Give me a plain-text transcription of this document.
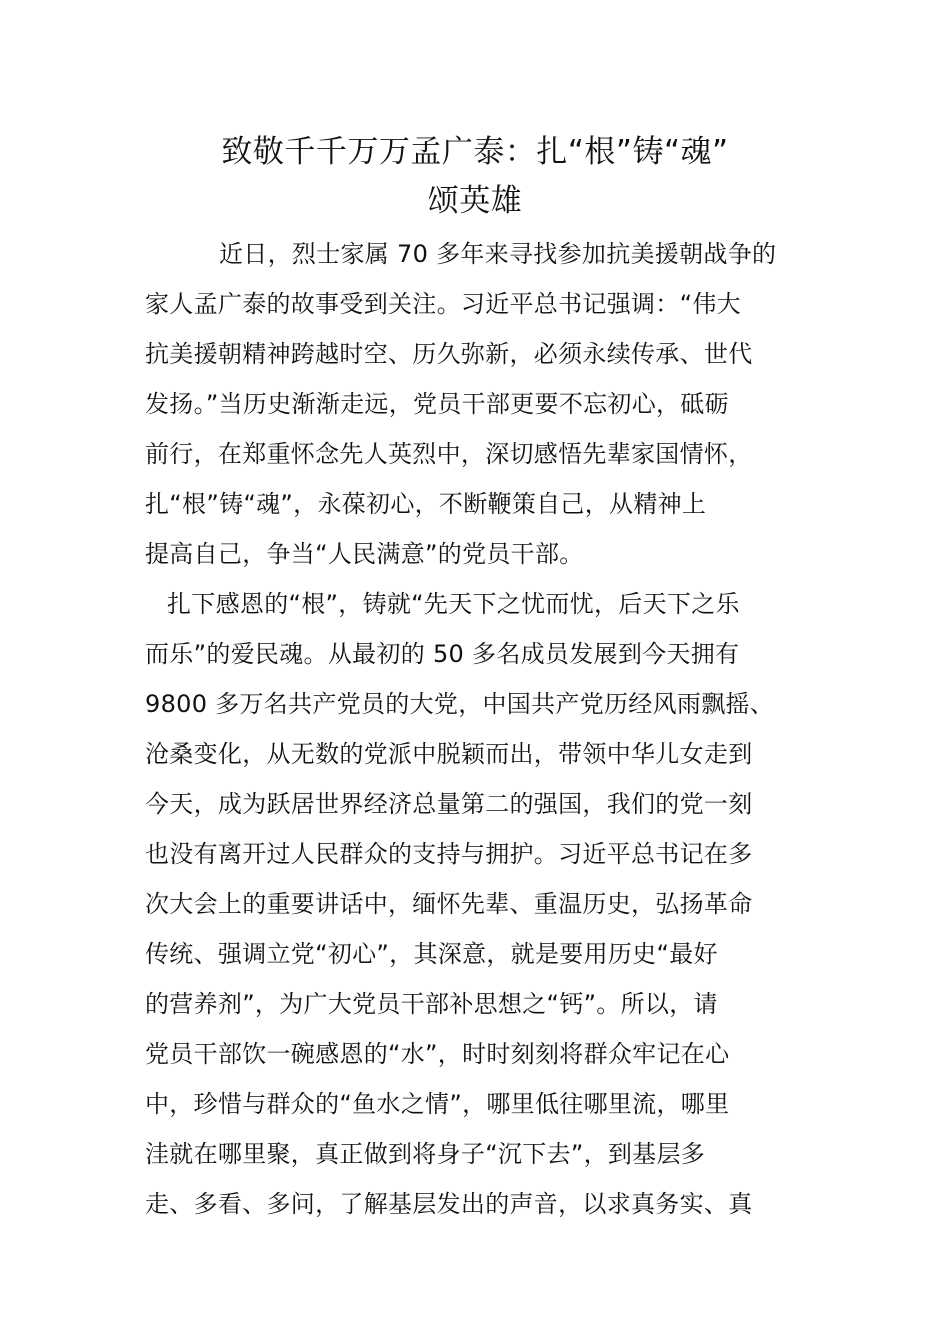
致敬千千万万孟广泰：扎“根”铸“魂”
颂英雄
近日，烈士家属 70 多年来寻找参加抗美援朝战争的
家人孟广泰的故事受到关注。习近平总书记强调：“伟大
抗美援朝精神跨越时空、历久弥新，必须永续传承、世代
发扬。”当历史渐渐走远，党员干部更要不忘初心，砥砺
前行，在郑重怀念先人英烈中，深切感悟先辈家国情怀，
扎“根”铸“魂”，永葆初心，不断鞭策自己，从精神上
提高自己，争当“人民满意”的党员干部。
扎下感恩的“根”，铸就“先天下之忧而忧，后天下之乐
而乐”的爱民魂。从最初的 50 多名成员发展到今天拥有
9800 多万名共产党员的大党，中国共产党历经风雨飘摇、
沧桑变化，从无数的党派中脱颖而出，带领中华儿女走到
今天，成为跃居世界经济总量第二的强国，我们的党一刻
也没有离开过人民群众的支持与拥护。习近平总书记在多
次大会上的重要讲话中，缅怀先辈、重温历史，弘扬革命
传统、强调立党“初心”，其深意，就是要用历史“最好
的营养剂”，为广大党员干部补思想之“钙”。所以，请
党员干部饮一碗感恩的“水”，时时刻刻将群众牢记在心
中，珍惜与群众的“鱼水之情”，哪里低往哪里流，哪里
洼就在哪里聚，真正做到将身子“沉下去”，到基层多
走、多看、多问，了解基层发出的声音，以求真务实、真
